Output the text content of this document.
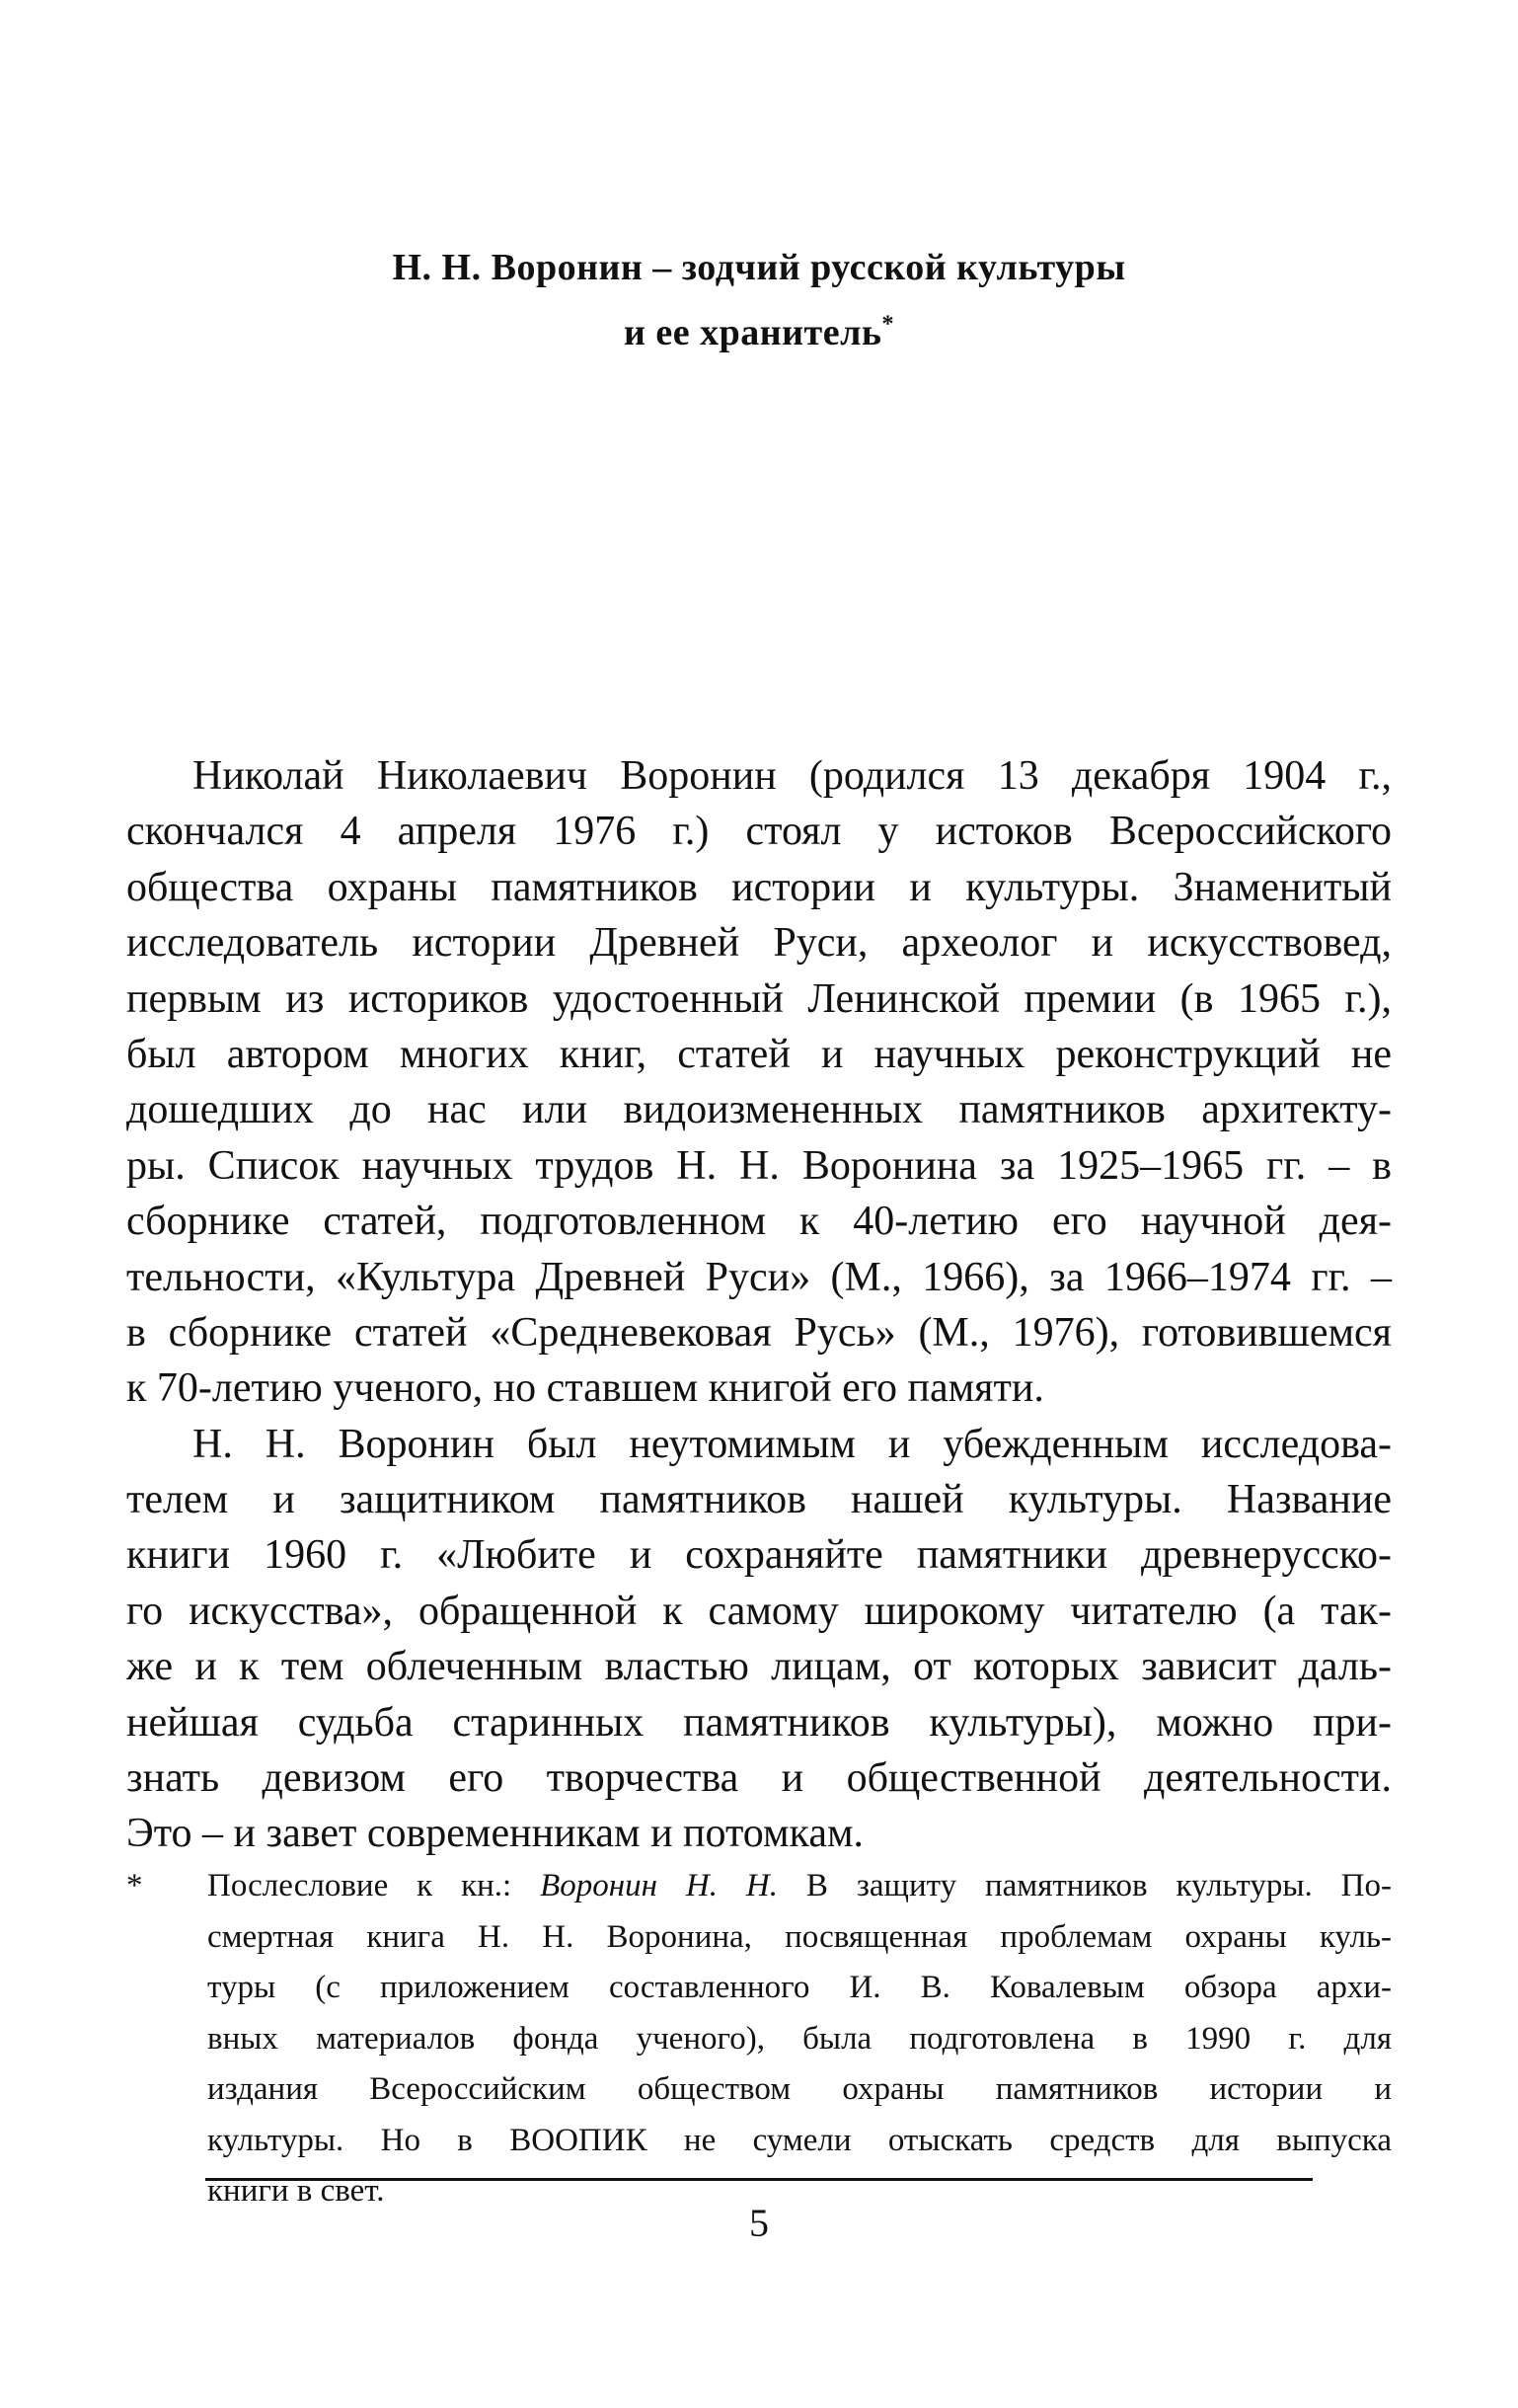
Н. Н. Воронин – зодчий русской культуры
и ее хранитель*
Николай Николаевич Воронин (родился 13 декабря 1904 г.,
скончался 4 апреля 1976 г.) стоял у истоков Всероссийского
общества охраны памятников истории и культуры. Знаменитый
исследователь истории Древней Руси, археолог и искусствовед,
первым из историков удостоенный Ленинской премии (в 1965 г.),
был автором многих книг, статей и научных реконструкций не
дошедших до нас или видоизмененных памятников архитекту-
ры. Список научных трудов Н. Н. Воронина за 1925–1965 гг. – в
сборнике статей, подготовленном к 40-летию его научной дея-
тельности, «Культура Древней Руси» (М., 1966), за 1966–1974 гг. –
в сборнике статей «Средневековая Русь» (М., 1976), готовившемся
к 70-летию ученого, но ставшем книгой его памяти.
Н. Н. Воронин был неутомимым и убежденным исследова-
телем и защитником памятников нашей культуры. Название
книги 1960 г. «Любите и сохраняйте памятники древнерусско-
го искусства», обращенной к самому широкому читателю (а так-
же и к тем облеченным властью лицам, от которых зависит даль-
нейшая судьба старинных памятников культуры), можно при-
знать девизом его творчества и общественной деятельности.
Это – и завет современникам и потомкам.
* Послесловие к кн.: Воронин Н. Н. В защиту памятников культуры. По-
смертная книга Н. Н. Воронина, посвященная проблемам охраны куль-
туры (с приложением составленного И. В. Ковалевым обзора архи-
вных материалов фонда ученого), была подготовлена в 1990 г. для
издания Всероссийским обществом охраны памятников истории и
культуры. Но в ВООПИК не сумели отыскать средств для выпуска
книги в свет.
5
